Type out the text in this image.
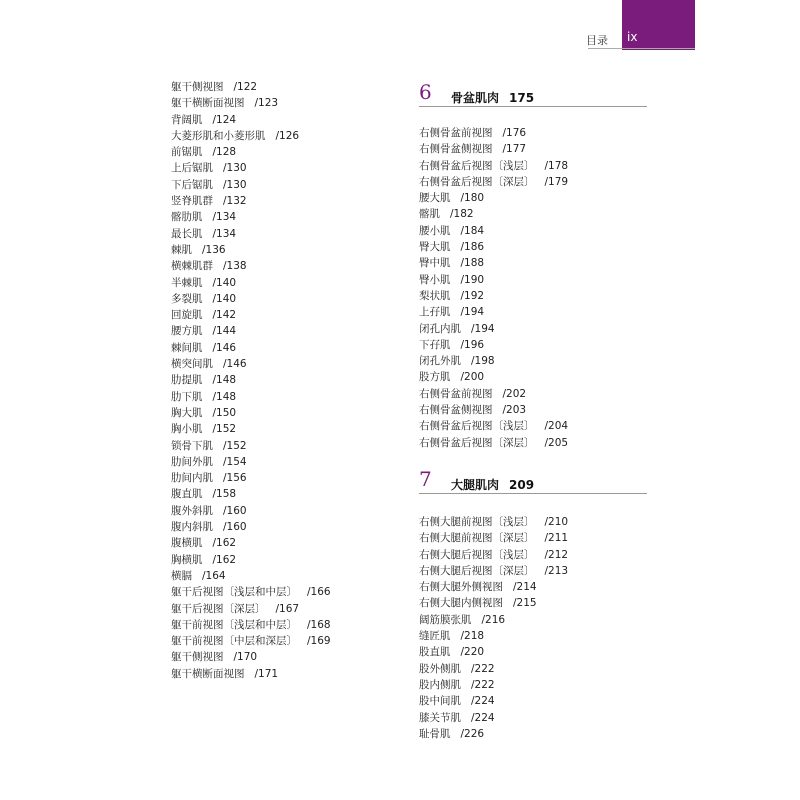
目录 ix
躯干侧视图 /122
躯干横断面视图 /123
背阔肌 /124
大菱形肌和小菱形肌 /126
前锯肌 /128
上后锯肌 /130
下后锯肌 /130
竖脊肌群 /132
髂肋肌 /134
最长肌 /134
棘肌 /136
横棘肌群 /138
半棘肌 /140
多裂肌 /140
回旋肌 /142
腰方肌 /144
棘间肌 /146
横突间肌 /146
肋提肌 /148
肋下肌 /148
胸大肌 /150
胸小肌 /152
锁骨下肌 /152
肋间外肌 /154
肋间内肌 /156
腹直肌 /158
腹外斜肌 /160
腹内斜肌 /160
腹横肌 /162
胸横肌 /162
横膈 /164
躯干后视图〔浅层和中层〕 /166
躯干后视图〔深层〕 /167
躯干前视图〔浅层和中层〕 /168
躯干前视图〔中层和深层〕 /169
躯干侧视图 /170
躯干横断面视图 /171
6 骨盆肌肉 175
右侧骨盆前视图 /176
右侧骨盆侧视图 /177
右侧骨盆后视图〔浅层〕 /178
右侧骨盆后视图〔深层〕 /179
腰大肌 /180
髂肌 /182
腰小肌 /184
臀大肌 /186
臀中肌 /188
臀小肌 /190
梨状肌 /192
上孖肌 /194
闭孔内肌 /194
下孖肌 /196
闭孔外肌 /198
股方肌 /200
右侧骨盆前视图 /202
右侧骨盆侧视图 /203
右侧骨盆后视图〔浅层〕 /204
右侧骨盆后视图〔深层〕 /205
7 大腿肌肉 209
右侧大腿前视图〔浅层〕 /210
右侧大腿前视图〔深层〕 /211
右侧大腿后视图〔浅层〕 /212
右侧大腿后视图〔深层〕 /213
右侧大腿外侧视图 /214
右侧大腿内侧视图 /215
阔筋膜张肌 /216
缝匠肌 /218
股直肌 /220
股外侧肌 /222
股内侧肌 /222
股中间肌 /224
膝关节肌 /224
耻骨肌 /226
